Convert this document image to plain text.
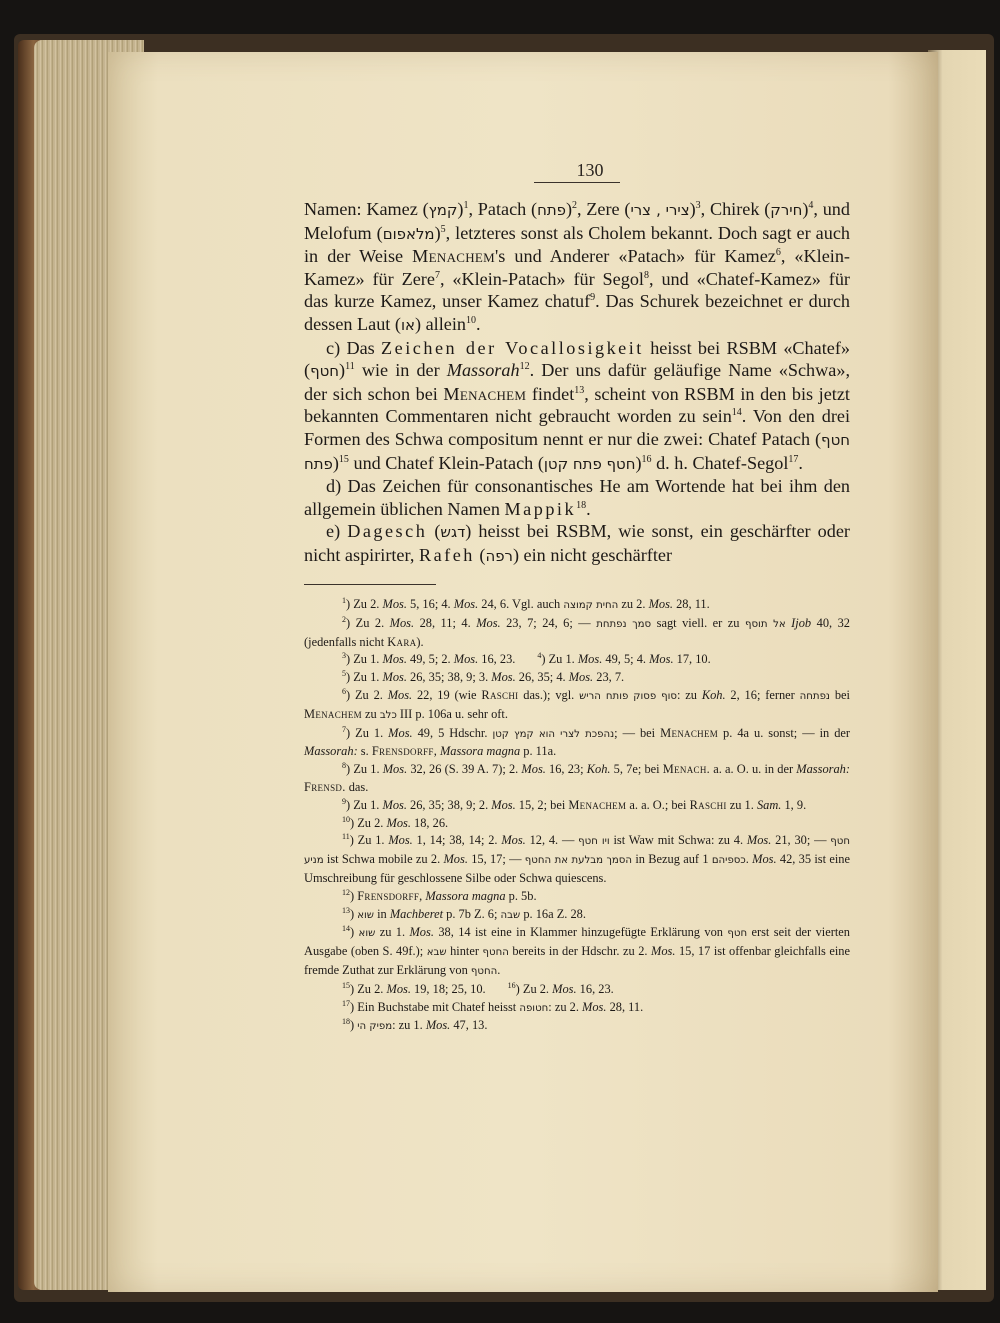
130

Namen: Kamez (קמץ)$^1$, Patach (פתח)$^2$, Zere (צירי ‚ צרי)$^3$, Chirek (חירק)$^4$, und Melofum (מלאפום)$^5$, letzteres sonst als Cholem bekannt. Doch sagt er auch in der Weise Menachem's und Anderer «Patach» für Kamez$^6$, «Klein-Kamez» für Zere$^7$, «Klein-Patach» für Segol$^8$, und «Chatef-Kamez» für das kurze Kamez, unser Kamez chatuf$^9$. Das Schurek bezeichnet er durch dessen Laut (או) allein$^{10}$.

c) Das Zeichen der Vocallosigkeit heisst bei RSBM «Chatef» (חטף)$^{11}$ wie in der Massorah$^{12}$. Der uns dafür geläufige Name «Schwa», der sich schon bei Menachem findet$^{13}$, scheint von RSBM in den bis jetzt bekannten Commentaren nicht gebraucht worden zu sein$^{14}$. Von den drei Formen des Schwa compositum nennt er nur die zwei: Chatef Patach (חטף פתח)$^{15}$ und Chatef Klein-Patach (חטף פתח קטן)$^{16}$ d. h. Chatef-Segol$^{17}$.

d) Das Zeichen für consonantisches He am Wortende hat bei ihm den allgemein üblichen Namen Mappik$^{18}$.

e) Dagesch (דגש) heisst bei RSBM, wie sonst, ein geschärfter oder nicht aspirirter, Rafeh (רפה) ein nicht geschärfter

$^1$) Zu 2. Mos. 5, 16; 4. Mos. 24, 6. Vgl. auch החית קמוצה zu 2. Mos. 28, 11.

$^2$) Zu 2. Mos. 28, 11; 4. Mos. 23, 7; 24, 6; — סמך נפתחת sagt viell. er zu אל תוסף Ijob 40, 32 (jedenfalls nicht Kara).

$^3$) Zu 1. Mos. 49, 5; 2. Mos. 16, 23.	$^4$) Zu 1. Mos. 49, 5; 4. Mos. 17, 10.

$^5$) Zu 1. Mos. 26, 35; 38, 9; 3. Mos. 26, 35; 4. Mos. 23, 7.

$^6$) Zu 2. Mos. 22, 19 (wie Raschi das.); vgl. סוף פסוק פותח הריש: zu Koh. 2, 16; ferner נפתחה bei Menachem zu כלב III p. 106a u. sehr oft.

$^7$) Zu 1. Mos. 49, 5 Hdschr. נהפכת לצרי הוא קמץ קטן; — bei Menachem p. 4a u. sonst; — in der Massorah: s. Frensdorff, Massora magna p. 11a.

$^8$) Zu 1. Mos. 32, 26 (S. 39 A. 7); 2. Mos. 16, 23; Koh. 5, 7e; bei Menach. a. a. O. u. in der Massorah: Frensd. das.

$^9$) Zu 1. Mos. 26, 35; 38, 9; 2. Mos. 15, 2; bei Menachem a. a. O.; bei Raschi zu 1. Sam. 1, 9.

$^{10}$) Zu 2. Mos. 18, 26.

$^{11}$) Zu 1. Mos. 1, 14; 38, 14; 2. Mos. 12, 4. — ויו חטף ist Waw mit Schwa: zu 4. Mos. 21, 30; — חטף מניע ist Schwa mobile zu 2. Mos. 15, 17; — הסמך מבלעת את החטף in Bezug auf כספיהם 1. Mos. 42, 35 ist eine Umschreibung für geschlossene Silbe oder Schwa quiescens.

$^{12}$) Frensdorff, Massora magna p. 5b.

$^{13}$) שוא in Machberet p. 7b Z. 6; שבה p. 16a Z. 28.

$^{14}$) שוא zu 1. Mos. 38, 14 ist eine in Klammer hinzugefügte Erklärung von חטף erst seit der vierten Ausgabe (oben S. 49f.); שבא hinter החטף bereits in der Hdschr. zu 2. Mos. 15, 17 ist offenbar gleichfalls eine fremde Zuthat zur Erklärung von החטף.

$^{15}$) Zu 2. Mos. 19, 18; 25, 10.	$^{16}$) Zu 2. Mos. 16, 23.

$^{17}$) Ein Buchstabe mit Chatef heisst חטופה: zu 2. Mos. 28, 11.

$^{18}$) מפיק הי: zu 1. Mos. 47, 13.
